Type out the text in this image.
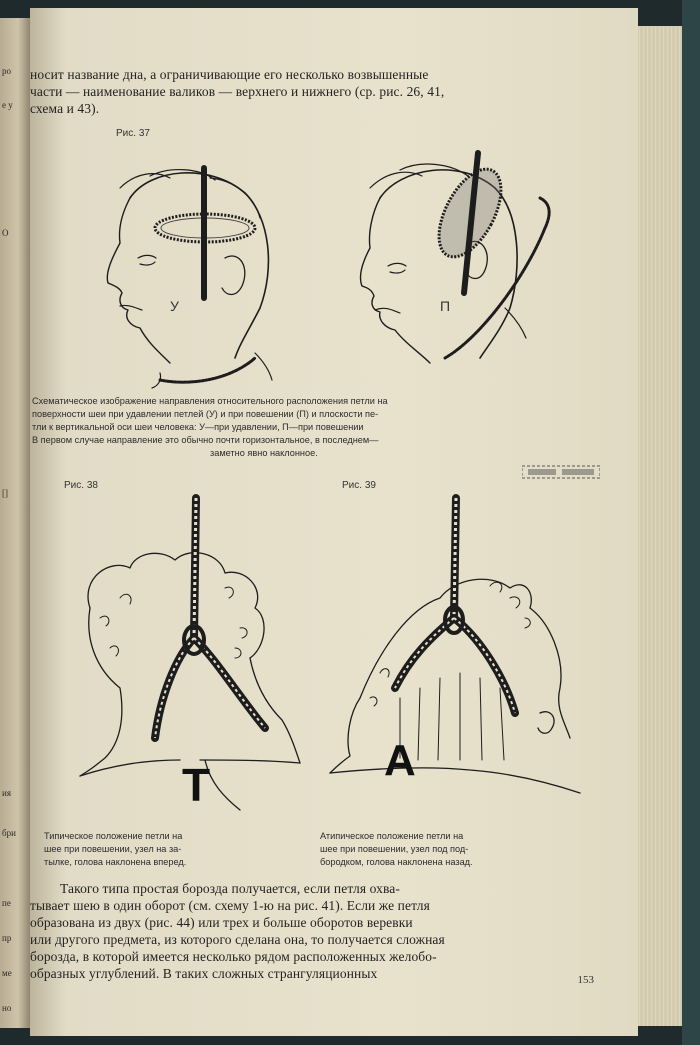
ро
е у
О
[]
ия
бри
пе
пр
ме
но
носит название дна, а ограничивающие его несколько возвышенные
части — наименование валиков — верхнего и нижнего (ср. рис. 26, 41,
схема и 43).
Рис. 37
У	П
Схематическое изображение направления относительного расположения петли на
поверхности шеи при удавлении петлей (У) и при повешении (П) и плоскости пе-
тли к вертикальной оси шеи человека: У—при удавлении, П—при повешении
В первом случае направление это обычно почти горизонтальное, в последнем—
заметно явно наклонное.
Рис. 38	Рис. 39
Т	А
Типическое положение петли на
шее при повешении, узел на за-
тылке, голова наклонена вперед.
Атипическое положение петли на
шее при повешении, узел под под-
бородком, голова наклонена назад.
Такого типа простая борозда получается, если петля охва-
тывает шею в один оборот (см. схему 1-ю на рис. 41). Если же петля
образована из двух (рис. 44) или трех и больше оборотов веревки
или другого предмета, из которого сделана она, то получается сложная
борозда, в которой имеется несколько рядом расположенных желобо-
образных углублений. В таких сложных странгуляционных	153
